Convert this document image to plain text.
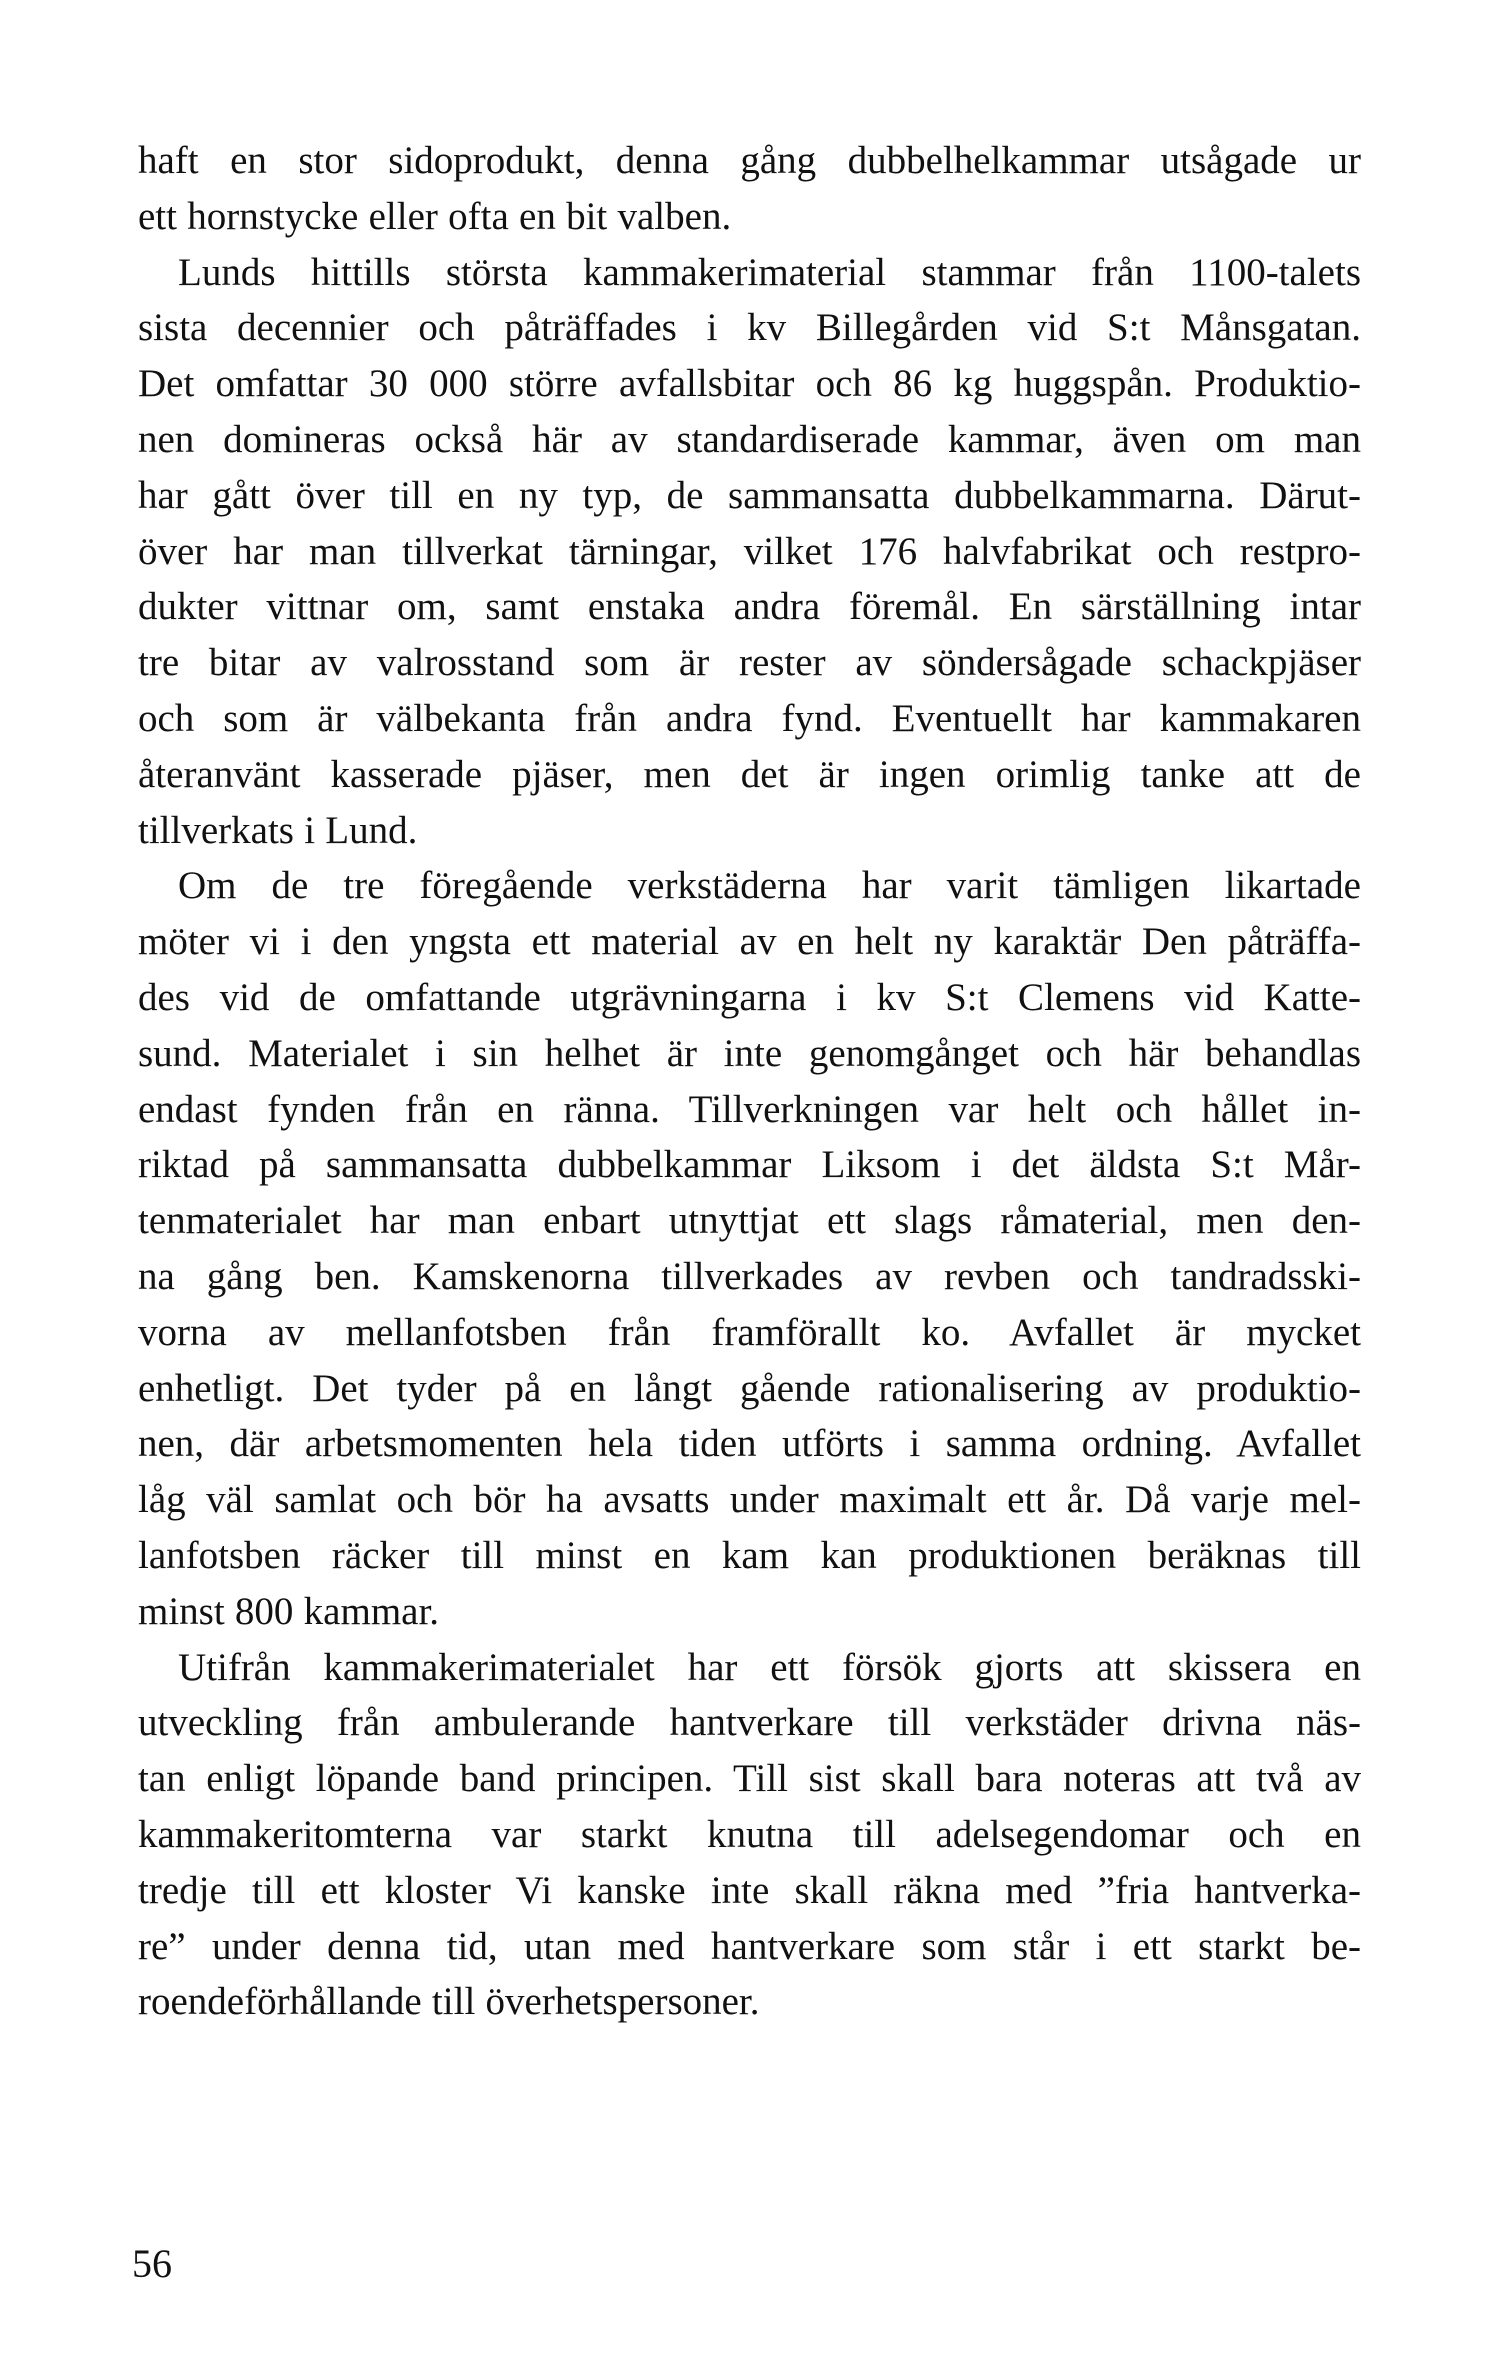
haft en stor sidoprodukt, denna gång dubbelhelkammar utsågade ur
ett hornstycke eller ofta en bit valben.
Lunds hittills största kammakerimaterial stammar från 1100-talets
sista decennier och påträffades i kv Billegården vid S:t Månsgatan.
Det omfattar 30 000 större avfallsbitar och 86 kg huggspån. Produktio-
nen domineras också här av standardiserade kammar, även om man
har gått över till en ny typ, de sammansatta dubbelkammarna. Därut-
över har man tillverkat tärningar, vilket 176 halvfabrikat och restpro-
dukter vittnar om, samt enstaka andra föremål. En särställning intar
tre bitar av valrosstand som är rester av söndersågade schackpjäser
och som är välbekanta från andra fynd. Eventuellt har kammakaren
återanvänt kasserade pjäser, men det är ingen orimlig tanke att de
tillverkats i Lund.
Om de tre föregående verkstäderna har varit tämligen likartade
möter vi i den yngsta ett material av en helt ny karaktär Den påträffa-
des vid de omfattande utgrävningarna i kv S:t Clemens vid Katte-
sund. Materialet i sin helhet är inte genomgånget och här behandlas
endast fynden från en ränna. Tillverkningen var helt och hållet in-
riktad på sammansatta dubbelkammar Liksom i det äldsta S:t Mår-
tenmaterialet har man enbart utnyttjat ett slags råmaterial, men den-
na gång ben. Kamskenorna tillverkades av revben och tandradsski-
vorna av mellanfotsben från framförallt ko. Avfallet är mycket
enhetligt. Det tyder på en långt gående rationalisering av produktio-
nen, där arbetsmomenten hela tiden utförts i samma ordning. Avfallet
låg väl samlat och bör ha avsatts under maximalt ett år. Då varje mel-
lanfotsben räcker till minst en kam kan produktionen beräknas till
minst 800 kammar.
Utifrån kammakerimaterialet har ett försök gjorts att skissera en
utveckling från ambulerande hantverkare till verkstäder drivna näs-
tan enligt löpande band principen. Till sist skall bara noteras att två av
kammakeritomterna var starkt knutna till adelsegendomar och en
tredje till ett kloster Vi kanske inte skall räkna med ”fria hantverka-
re” under denna tid, utan med hantverkare som står i ett starkt be-
roendeförhållande till överhetspersoner.
56
